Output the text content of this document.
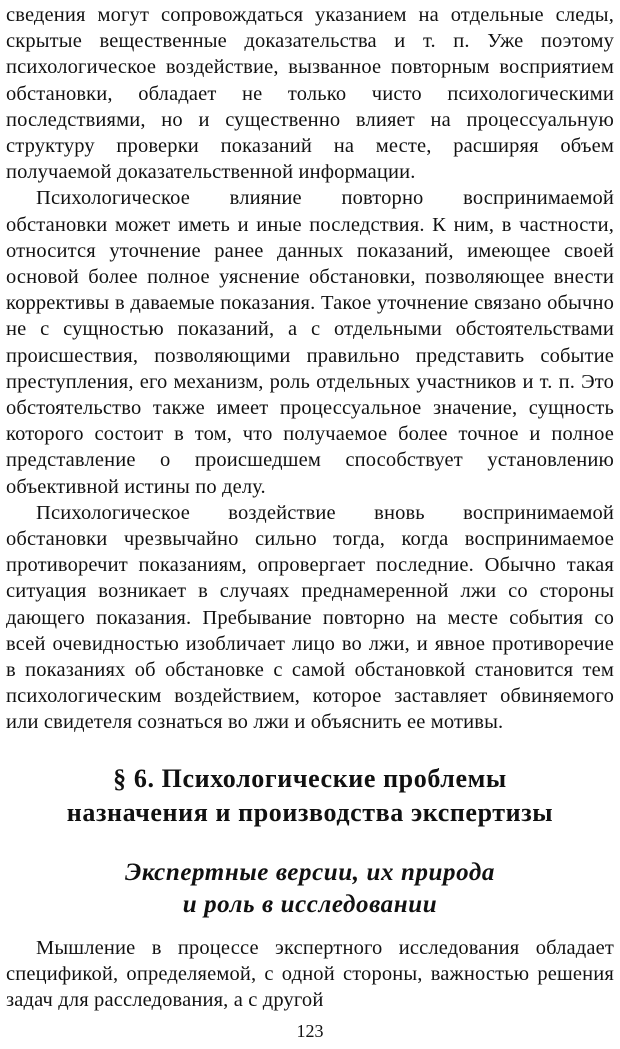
сведения могут сопровождаться указанием на отдельные следы, скрытые вещественные доказательства и т. п. Уже поэтому психологическое воздействие, вызванное повторным восприятием обстановки, обладает не только чисто психологическими последствиями, но и существенно влияет на процессуальную структуру проверки показаний на месте, расширяя объем получаемой доказательственной информации.

Психологическое влияние повторно воспринимаемой обстановки может иметь и иные последствия. К ним, в частности, относится уточнение ранее данных показаний, имеющее своей основой более полное уяснение обстановки, позволяющее внести коррективы в даваемые показания. Такое уточнение связано обычно не с сущностью показаний, а с отдельными обстоятельствами происшествия, позволяющими правильно представить событие преступления, его механизм, роль отдельных участников и т. п. Это обстоятельство также имеет процессуальное значение, сущность которого состоит в том, что получаемое более точное и полное представление о происшедшем способствует установлению объективной истины по делу.

Психологическое воздействие вновь воспринимаемой обстановки чрезвычайно сильно тогда, когда воспринимаемое противоречит показаниям, опровергает последние. Обычно такая ситуация возникает в случаях преднамеренной лжи со стороны дающего показания. Пребывание повторно на месте события со всей очевидностью изобличает лицо во лжи, и явное противоречие в показаниях об обстановке с самой обстановкой становится тем психологическим воздействием, которое заставляет обвиняемого или свидетеля сознаться во лжи и объяснить ее мотивы.

§ 6. Психологические проблемы
назначения и производства экспертизы
Экспертные версии, их природа
и роль в исследовании

Мышление в процессе экспертного исследования обладает спецификой, определяемой, с одной стороны, важностью решения задач для расследования, а с другой

123
